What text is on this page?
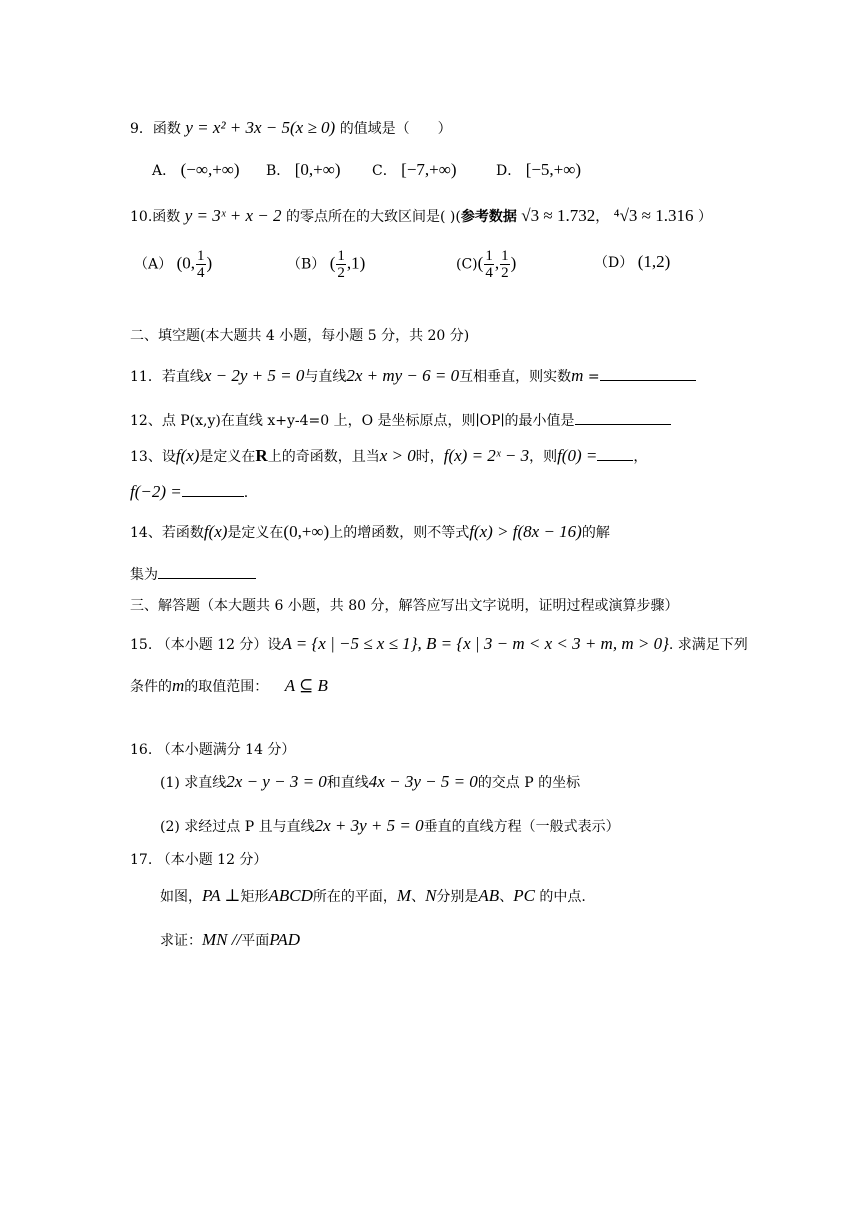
9．函数 y = x² + 3x − 5(x ≥ 0) 的值域是（　　）
A． (−∞,+∞) B． [0,+∞) C． [−7,+∞)	D． [−5,+∞)
10.函数 y = 3ˣ + x − 2 的零点所在的大致区间是( )(参考数据 √3 ≈ 1.732， ⁴√3 ≈ 1.316 ）
（A） (0, $\frac{1}{4}$ )	（B） ( $\frac{1}{2} ,1$)	$(C)( \frac{1}{4}$ , $\frac{1}{2}$ )	（D） (1,2)
二、填空题(本大题共 4 小题，每小题 5 分，共 20 分)
11．若直线x − 2y + 5 = 0与直线2x + my − 6 = 0互相垂直，则实数m =
12、点 P(x,y)在直线 x+y-4=0 上，O 是坐标原点，则∣OP∣的最小值是
13、设f(x)是定义在R上的奇函数，且当x > 0时，f(x) = 2ˣ − 3，则f(0) =	，
f(−2) =	.
14、若函数f(x)是定义在(0,+∞)上的增函数，则不等式f(x) > f(8x − 16)的解
集为
三、解答题（本大题共 6 小题，共 80 分，解答应写出文字说明，证明过程或演算步骤）
15. （本小题 12 分）设A = {x | −5 ≤ x ≤ 1}, B = {x | 3 − m < x < 3 + m, m > 0}. 求满足下列
条件的m的取值范围： A ⊆ B
16. （本小题满分 14 分）
(1) 求直线2x − y − 3 = 0和直线4x − 3y − 5 = 0的交点 P 的坐标
(2) 求经过点 P 且与直线2x + 3y + 5 = 0垂直的直线方程（一般式表示）
17. （本小题 12 分）
如图，PA ⊥矩形ABCD所在的平面，M、N分别是AB、PC 的中点.
求证：MN //平面PAD
